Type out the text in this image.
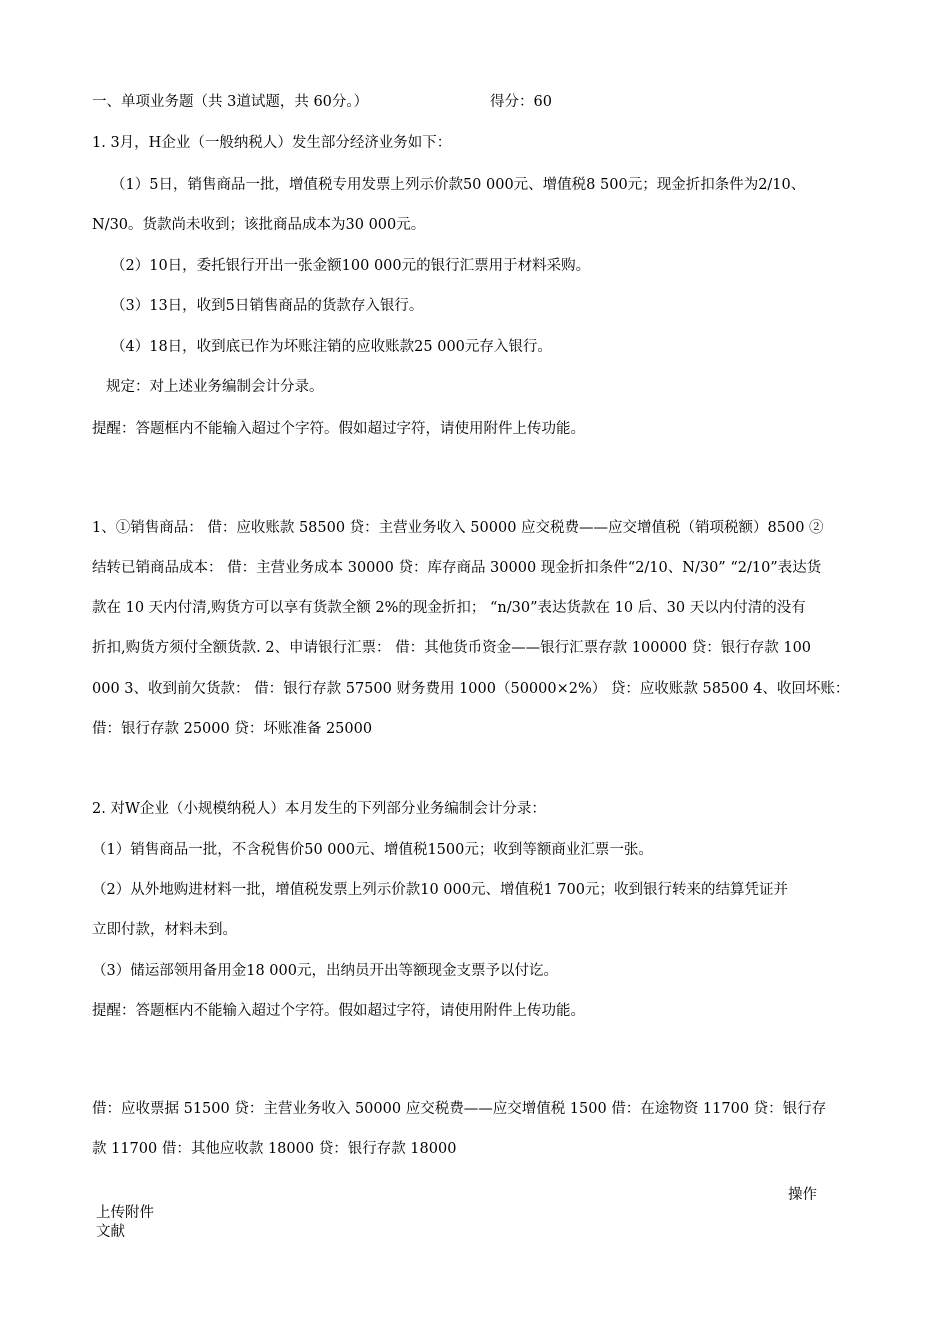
一、单项业务题（共 3道试题，共 60分。）	得分：60
1. 3月，H企业（一般纳税人）发生部分经济业务如下：
（1）5日，销售商品一批，增值税专用发票上列示价款50 000元、增值税8 500元；现金折扣条件为2/10、
N/30。货款尚未收到；该批商品成本为30 000元。
（2）10日，委托银行开出一张金额100 000元的银行汇票用于材料采购。
（3）13日，收到5日销售商品的货款存入银行。
（4）18日，收到底已作为坏账注销的应收账款25 000元存入银行。
规定：对上述业务编制会计分录。
提醒：答题框内不能输入超过个字符。假如超过字符，请使用附件上传功能。
1、①销售商品： 借：应收账款 58500 贷：主营业务收入 50000 应交税费——应交增值税（销项税额）8500 ②
结转已销商品成本： 借：主营业务成本 30000 贷：库存商品 30000 现金折扣条件“2/10、N/30” “2/10”表达货
款在 10 天内付清,购货方可以享有货款全额 2%的现金折扣； “n/30”表达货款在 10 后、30 天以内付清的没有
折扣,购货方须付全额货款. 2、申请银行汇票： 借：其他货币资金——银行汇票存款 100000 贷：银行存款 100
000 3、收到前欠货款： 借：银行存款 57500 财务费用 1000（50000×2%） 贷：应收账款 58500 4、收回坏账：
借：银行存款 25000 贷：坏账准备 25000
2. 对W企业（小规模纳税人）本月发生的下列部分业务编制会计分录：
（1）销售商品一批，不含税售价50 000元、增值税1500元；收到等额商业汇票一张。
（2）从外地购进材料一批，增值税发票上列示价款10 000元、增值税1 700元；收到银行转来的结算凭证并
立即付款，材料未到。
（3）储运部领用备用金18 000元，出纳员开出等额现金支票予以付讫。
提醒：答题框内不能输入超过个字符。假如超过字符，请使用附件上传功能。
借：应收票据 51500 贷：主营业务收入 50000 应交税费——应交增值税 1500 借：在途物资 11700 贷：银行存
款 11700 借：其他应收款 18000 贷：银行存款 18000
操作
上传附件
文献
